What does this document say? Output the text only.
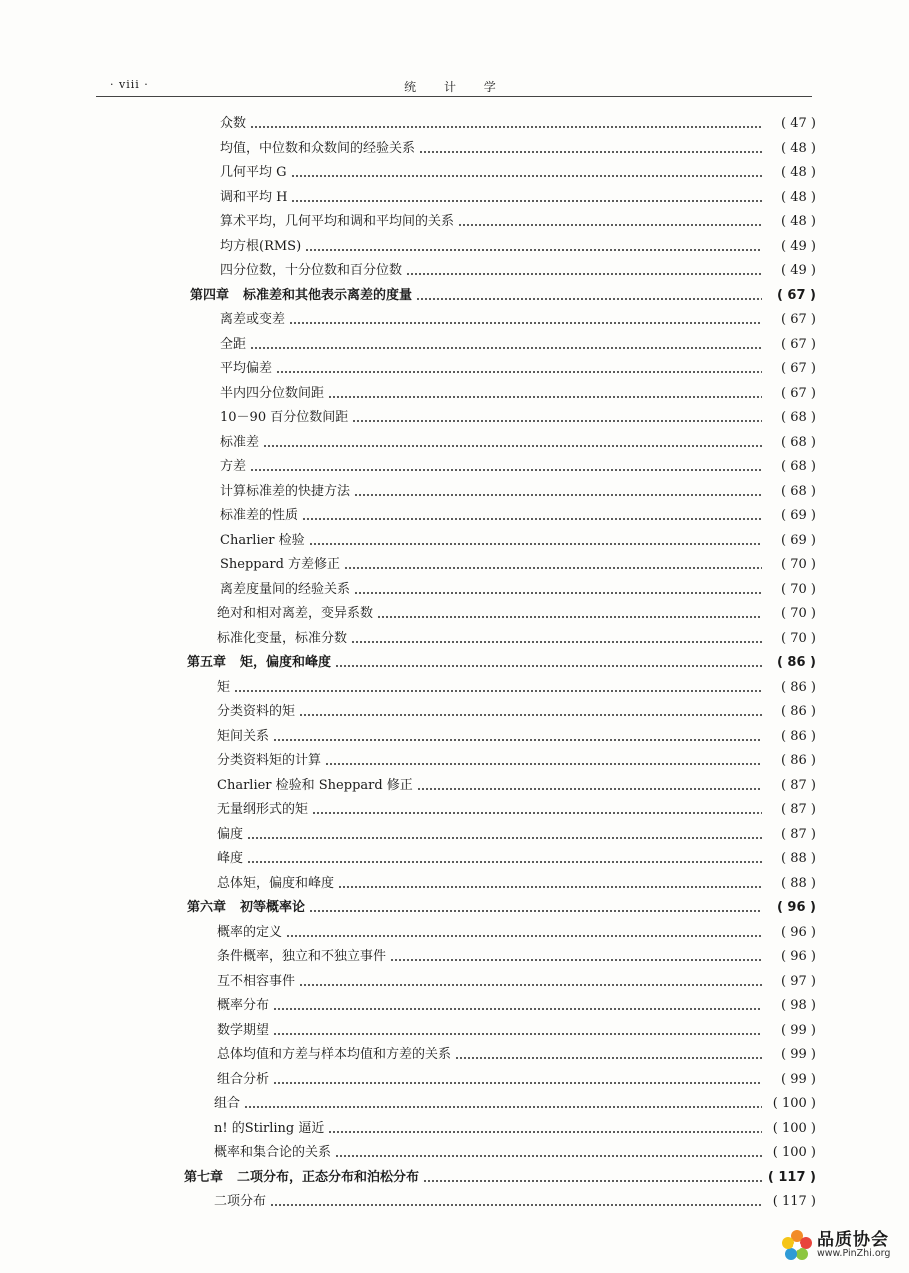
· viii ·	统 计 学
众数	( 47 )
均值，中位数和众数间的经验关系	( 48 )
几何平均 G	( 48 )
调和平均 H	( 48 )
算术平均，几何平均和调和平均间的关系	( 48 )
均方根(RMS)	( 49 )
四分位数，十分位数和百分位数	( 49 )
第四章	标准差和其他表示离差的度量	( 67 )
离差或变差	( 67 )
全距	( 67 )
平均偏差	( 67 )
半内四分位数间距	( 67 )
10－90 百分位数间距	( 68 )
标准差	( 68 )
方差	( 68 )
计算标准差的快捷方法	( 68 )
标准差的性质	( 69 )
Charlier 检验	( 69 )
Sheppard 方差修正	( 70 )
离差度量间的经验关系	( 70 )
绝对和相对离差，变异系数	( 70 )
标准化变量，标准分数	( 70 )
第五章	矩，偏度和峰度	( 86 )
矩	( 86 )
分类资料的矩	( 86 )
矩间关系	( 86 )
分类资料矩的计算	( 86 )
Charlier 检验和 Sheppard 修正	( 87 )
无量纲形式的矩	( 87 )
偏度	( 87 )
峰度	( 88 )
总体矩，偏度和峰度	( 88 )
第六章	初等概率论	( 96 )
概率的定义	( 96 )
条件概率，独立和不独立事件	( 96 )
互不相容事件	( 97 )
概率分布	( 98 )
数学期望	( 99 )
总体均值和方差与样本均值和方差的关系	( 99 )
组合分析	( 99 )
组合	( 100 )
n! 的Stirling 逼近	( 100 )
概率和集合论的关系	( 100 )
第七章	二项分布，正态分布和泊松分布	( 117 )
二项分布	( 117 )
品质协会
www.PinZhi.org
